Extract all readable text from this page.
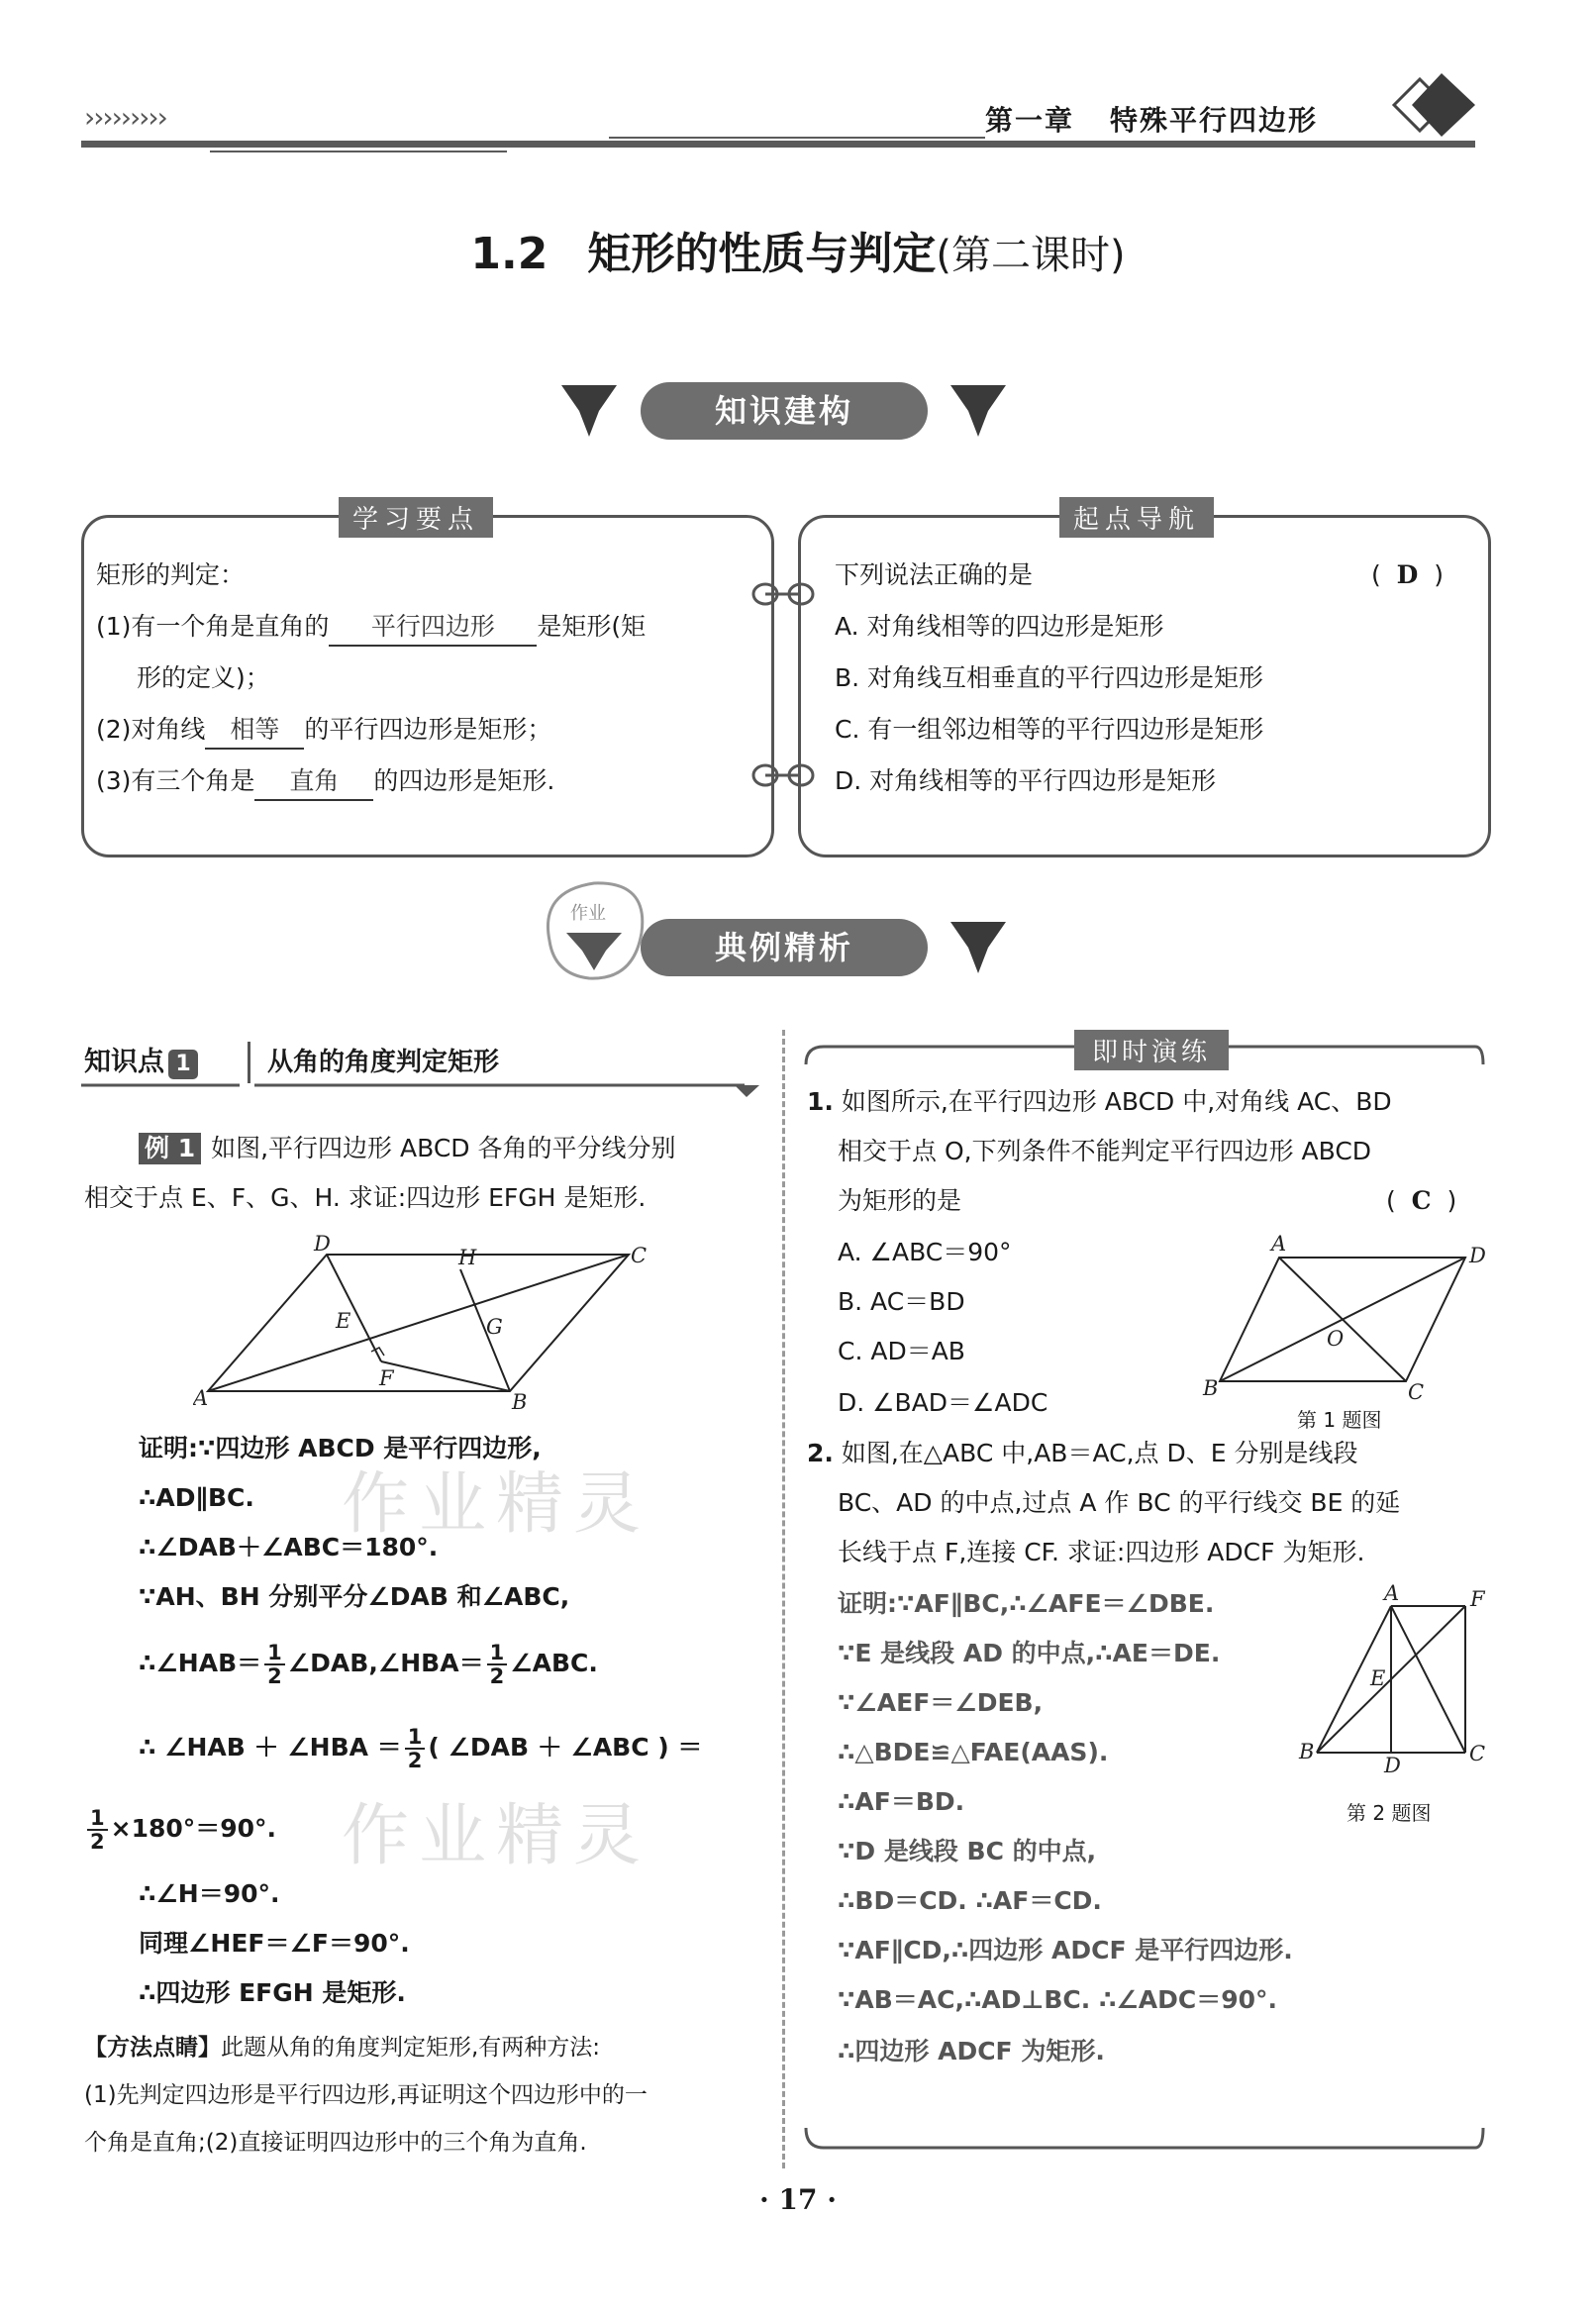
›››››››››	第一章 特殊平行四边形
1.2 矩形的性质与判定(第二课时)
知识建构
学习要点
矩形的判定：
(1)有一个角是直角的 平行四边形 是矩形(矩
形的定义)；
(2)对角线 相等 的平行四边形是矩形；
(3)有三个角是 直角 的四边形是矩形.
起点导航
下列说法正确的是	(  D  )
A. 对角线相等的四边形是矩形
B. 对角线互相垂直的平行四边形是矩形
C. 有一组邻边相等的平行四边形是矩形
D. 对角线相等的平行四边形是矩形
作业
典例精析
知识点 1	从角的角度判定矩形
例 1 如图,平行四边形 ABCD 各角的平分线分别
相交于点 E、F、G、H. 求证:四边形 EFGH 是矩形.
D
H	C
E	G
F
A	B
作业精灵
作业精灵
证明:∵四边形 ABCD 是平行四边形,
∴AD∥BC.
∴∠DAB＋∠ABC＝180°.
∵AH、BH 分别平分∠DAB 和∠ABC,
∴∠HAB＝ $\frac{1}{2}$ ∠DAB,∠HBA＝ $\frac{1}{2}$ ∠ABC.
∴ ∠HAB ＋ ∠HBA ＝ $\frac{1}{2}$ ( ∠DAB ＋ ∠ABC ) ＝
$\frac{1}{2} \times 180^\circ=90^\circ$.
∴∠H＝90°.
同理∠HEF＝∠F＝90°.
∴四边形 EFGH 是矩形.
【方法点睛】此题从角的角度判定矩形,有两种方法:
(1)先判定四边形是平行四边形,再证明这个四边形中的一
个角是直角;(2)直接证明四边形中的三个角为直角.
即时演练
1. 如图所示,在平行四边形 ABCD 中,对角线 AC、BD
相交于点 O,下列条件不能判定平行四边形 ABCD
为矩形的是	(  C  )
A. ∠ABC＝90°
B. AC＝BD
C. AD＝AB
D. ∠BAD＝∠ADC
A	D
O
B	C
第 1 题图
2. 如图,在△ABC 中,AB＝AC,点 D、E 分别是线段
BC、AD 的中点,过点 A 作 BC 的平行线交 BE 的延
长线于点 F,连接 CF. 求证:四边形 ADCF 为矩形.
证明:∵AF∥BC,∴∠AFE＝∠DBE.
∵E 是线段 AD 的中点,∴AE＝DE.
∵∠AEF＝∠DEB,
∴△BDE≌△FAE(AAS).
∴AF＝BD.
∵D 是线段 BC 的中点,
∴BD＝CD. ∴AF＝CD.
∵AF∥CD,∴四边形 ADCF 是平行四边形.
∵AB＝AC,∴AD⊥BC. ∴∠ADC＝90°.
∴四边形 ADCF 为矩形.
A	F
E
B
D	C
第 2 题图
· 17 ·
